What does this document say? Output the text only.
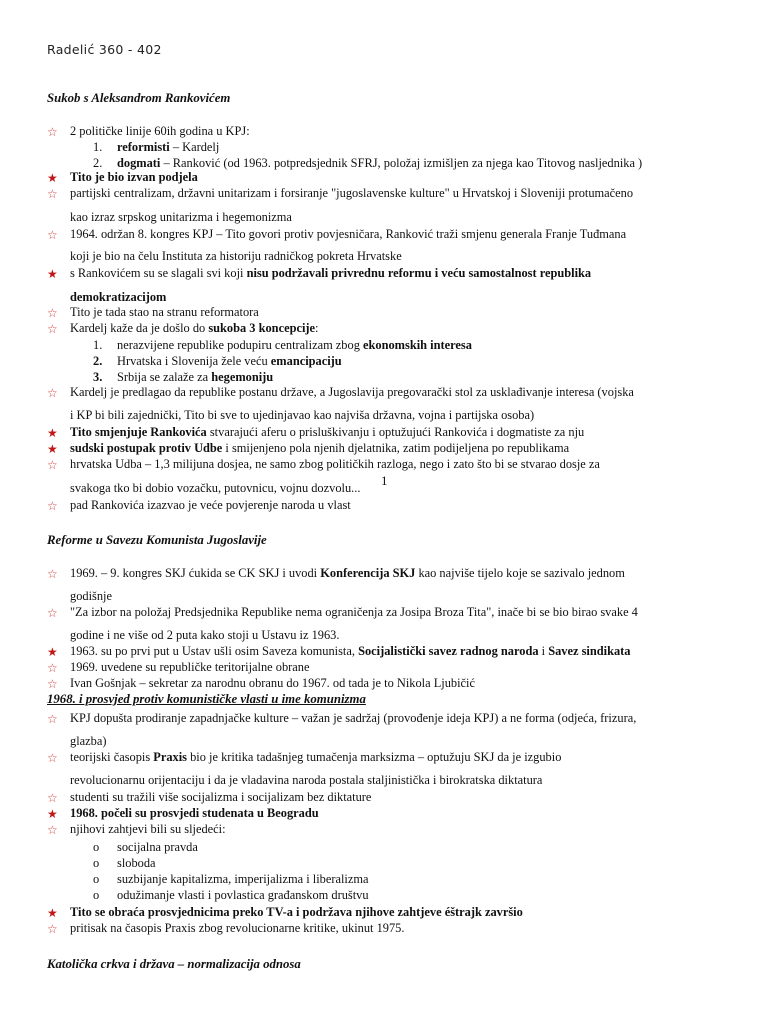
Radelić 360 - 402
Sukob s Aleksandrom Rankovićem
☆ 2 političke linije 60ih godina u KPJ:
1. reformisti – Kardelj
2. dogmati – Ranković (od 1963. potpredsjednik SFRJ, položaj izmišljen za njega kao Titovog nasljednika )
★ Tito je bio izvan podjela
☆ partijski centralizam, državni unitarizam i forsiranje "jugoslavenske kulture" u Hrvatskoj i Sloveniji protumačeno
kao izraz srpskog unitarizma i hegemonizma
☆ 1964. održan 8. kongres KPJ – Tito govori protiv povjesničara, Ranković traži smjenu generala Franje Tuđmana
koji je bio na čelu Instituta za historiju radničkog pokreta Hrvatske
★ s Rankovićem su se slagali svi koji nisu podržavali privrednu reformu i veću samostalnost republika
demokratizacijom
☆ Tito je tada stao na stranu reformatora
☆ Kardelj kaže da je došlo do sukoba 3 koncepcije:
1. nerazvijene republike podupiru centralizam zbog ekonomskih interesa
2. Hrvatska i Slovenija žele veću emancipaciju
3. Srbija se zalaže za hegemoniju
☆ Kardelj je predlagao da republike postanu države, a Jugoslavija pregovarački stol za usklađivanje interesa (vojska
i KP bi bili zajednički, Tito bi sve to ujedinjavao kao najviša državna, vojna i partijska osoba)
★ Tito smjenjuje Rankovića stvarajući aferu o prisluškivanju i optužujući Rankovića i dogmatiste za nju
★ sudski postupak protiv Udbe i smijenjeno pola njenih djelatnika, zatim podijeljena po republikama
☆ hrvatska Udba – 1,3 milijuna dosjea, ne samo zbog političkih razloga, nego i zato što bi se stvarao dosje za
1
svakoga tko bi dobio vozačku, putovnicu, vojnu dozvolu...
☆ pad Rankovića izazvao je veće povjerenje naroda u vlast
Reforme u Savezu Komunista Jugoslavije
☆ 1969. – 9. kongres SKJ ćukida se CK SKJ i uvodi Konferencija SKJ kao najviše tijelo koje se sazivalo jednom
godišnje
☆ "Za izbor na položaj Predsjednika Republike nema ograničenja za Josipa Broza Tita", inače bi se bio birao svake 4
godine i ne više od 2 puta kako stoji u Ustavu iz 1963.
★ 1963. su po prvi put u Ustav ušli osim Saveza komunista, Socijalistički savez radnog naroda i Savez sindikata
☆ 1969. uvedene su republičke teritorijalne obrane
☆ Ivan Gošnjak – sekretar za narodnu obranu do 1967. od tada je to Nikola Ljubičić
1968. i prosvjed protiv komunističke vlasti u ime komunizma
☆ KPJ dopušta prodiranje zapadnjačke kulture – važan je sadržaj (provođenje ideja KPJ) a ne forma (odjeća, frizura,
glazba)
☆ teorijski časopis Praxis bio je kritika tadašnjeg tumačenja marksizma – optužuju SKJ da je izgubio
revolucionarnu orijentaciju i da je vladavina naroda postala staljinistička i birokratska diktatura
☆ studenti su tražili više socijalizma i socijalizam bez diktature
★ 1968. počeli su prosvjedi studenata u Beogradu
☆ njihovi zahtjevi bili su sljedeći:
o socijalna pravda
o sloboda
o suzbijanje kapitalizma, imperijalizma i liberalizma
o odužimanje vlasti i povlastica građanskom društvu
★ Tito se obraća prosvjednicima preko TV-a i podržava njihove zahtjeve éštrajk završio
☆ pritisak na časopis Praxis zbog revolucionarne kritike, ukinut 1975.
Katolička crkva i država – normalizacija odnosa
